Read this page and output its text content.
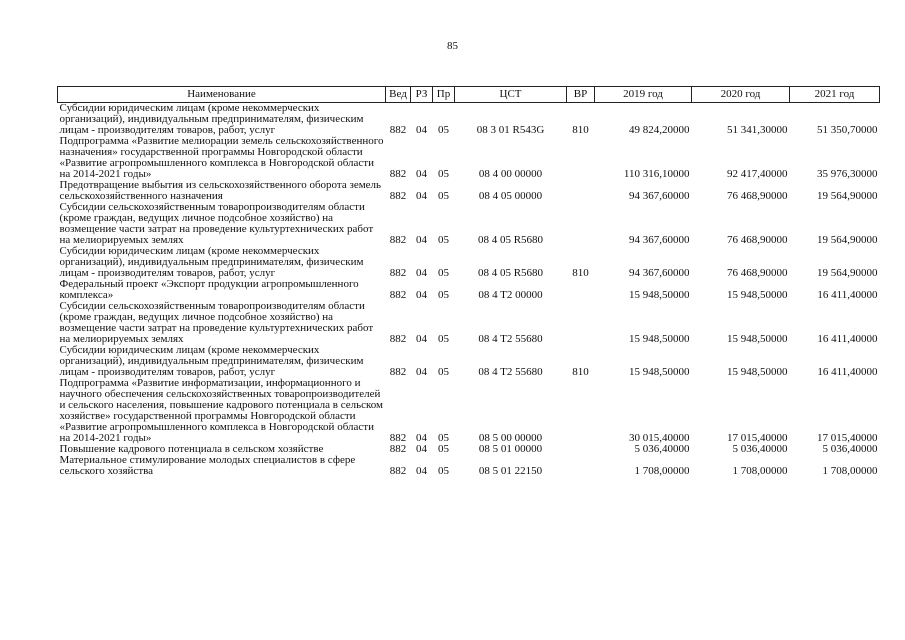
85
Наименование	Вед	РЗ	Пр	ЦСТ	ВР	2019 год	2020 год	2021 год
Субсидии юридическим лицам (кроме некоммерческих организаций), индивидуальным предпринимателям, физическим лицам - производителям товаров, работ, услуг	882	04	05	08 3 01 R543G	810	49 824,20000	51 341,30000	51 350,70000
Подпрограмма «Развитие мелиорации земель сельскохозяйственного назначения» государственной программы Новгородской области «Развитие агропромышленного комплекса в Новгородской области на 2014-2021 годы»	882	04	05	08 4 00 00000		110 316,10000	92 417,40000	35 976,30000
Предотвращение выбытия из сельскохозяйственного оборота земель сельскохозяйственного назначения	882	04	05	08 4 05 00000		94 367,60000	76 468,90000	19 564,90000
Субсидии сельскохозяйственным товаропроизводителям области (кроме граждан, ведущих личное подсобное хозяйство) на возмещение части затрат на проведение культуртехнических работ на мелиорируемых землях	882	04	05	08 4 05 R5680		94 367,60000	76 468,90000	19 564,90000
Субсидии юридическим лицам (кроме некоммерческих организаций), индивидуальным предпринимателям, физическим лицам - производителям товаров, работ, услуг	882	04	05	08 4 05 R5680	810	94 367,60000	76 468,90000	19 564,90000
Федеральный проект «Экспорт продукции агропромышленного комплекса»	882	04	05	08 4 T2 00000		15 948,50000	15 948,50000	16 411,40000
Субсидии сельскохозяйственным товаропроизводителям области (кроме граждан, ведущих личное подсобное хозяйство) на возмещение части затрат на проведение культуртехнических работ на мелиорируемых землях	882	04	05	08 4 T2 55680		15 948,50000	15 948,50000	16 411,40000
Субсидии юридическим лицам (кроме некоммерческих организаций), индивидуальным предпринимателям, физическим лицам - производителям товаров, работ, услуг	882	04	05	08 4 T2 55680	810	15 948,50000	15 948,50000	16 411,40000
Подпрограмма «Развитие информатизации, информационного и научного обеспечения сельскохозяйственных товаропроизводителей и сельского населения, повышение кадрового потенциала в сельском хозяйстве» государственной программы Новгородской области «Развитие агропромышленного комплекса в Новгородской области на 2014-2021 годы»	882	04	05	08 5 00 00000		30 015,40000	17 015,40000	17 015,40000
Повышение кадрового потенциала в сельском хозяйстве	882	04	05	08 5 01 00000		5 036,40000	5 036,40000	5 036,40000
Материальное стимулирование молодых специалистов в сфере сельского хозяйства	882	04	05	08 5 01 22150		1 708,00000	1 708,00000	1 708,00000
